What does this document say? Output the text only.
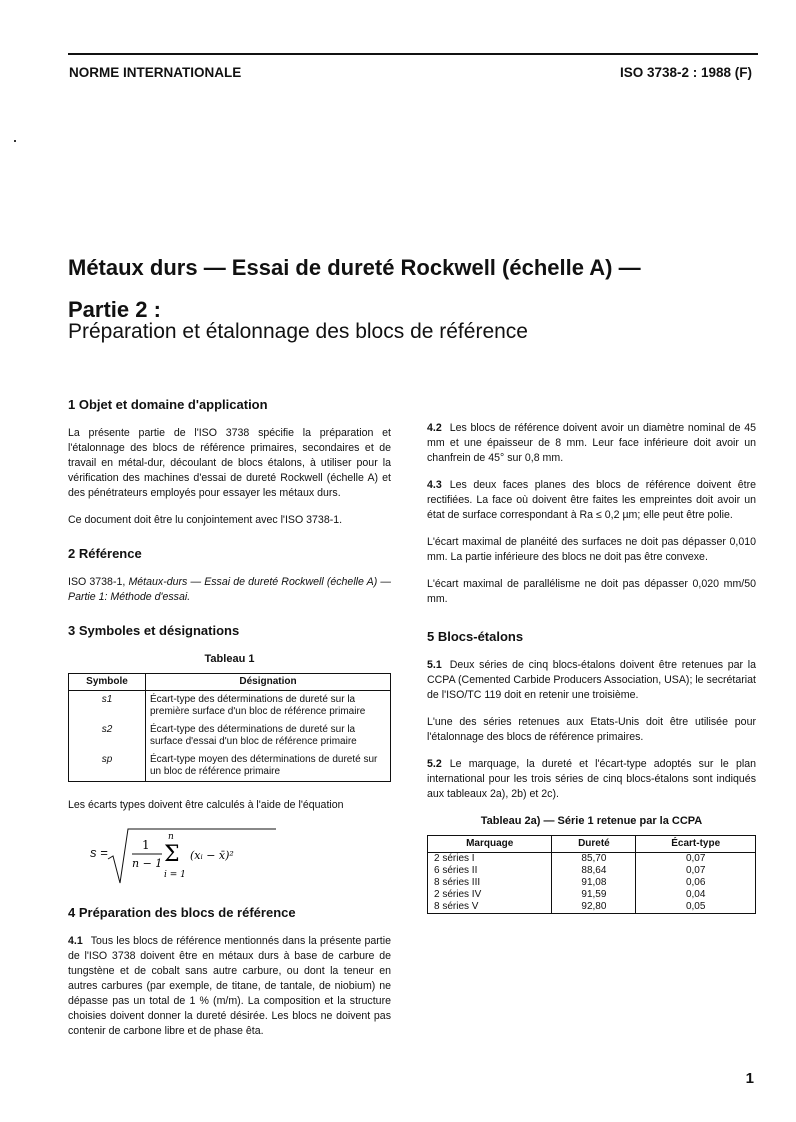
NORME INTERNATIONALE	ISO 3738-2 : 1988 (F)
Métaux durs — Essai de dureté Rockwell (échelle A) —
Partie 2 :
Préparation et étalonnage des blocs de référence
1 Objet et domaine d'application

La présente partie de l'ISO 3738 spécifie la préparation et l'étalonnage des blocs de référence primaires, secondaires et de travail en métal-dur, découlant de blocs étalons, à utiliser pour la vérification des machines d'essai de dureté Rockwell (échelle A) et des pénétrateurs employés pour essayer les métaux durs.

Ce document doit être lu conjointement avec l'ISO 3738-1.

2 Référence

ISO 3738-1, Métaux-durs — Essai de dureté Rockwell (échelle A) — Partie 1: Méthode d'essai.

3 Symboles et désignations
Tableau 1
Symbole	Désignation
s1	Écart-type des déterminations de dureté sur la première surface d'un bloc de référence primaire
s2	Écart-type des déterminations de dureté sur la surface d'essai d'un bloc de référence primaire
sp	Écart-type moyen des déterminations de dureté sur un bloc de référence primaire

Les écarts types doivent être calculés à l'aide de l'équation

s =	1
n − 1
n
Σ
i = 1
(xᵢ − x̄)²
4 Préparation des blocs de référence

4.1 Tous les blocs de référence mentionnés dans la présente partie de l'ISO 3738 doivent être en métaux durs à base de carbure de tungstène et de cobalt sans autre carbure, ou dont la teneur en autres carbures (par exemple, de titane, de tantale, de niobium) ne dépasse pas un total de 1 % (m/m). La composition et la structure choisies doivent donner la dureté désirée. Les blocs ne doivent pas contenir de carbone libre et de phase êta.

4.2 Les blocs de référence doivent avoir un diamètre nominal de 45 mm et une épaisseur de 8 mm. Leur face inférieure doit avoir un chanfrein de 45° sur 0,8 mm.

4.3 Les deux faces planes des blocs de référence doivent être rectifiées. La face où doivent être faites les empreintes doit avoir un état de surface correspondant à Ra ≤ 0,2 µm; elle peut être polie.

L'écart maximal de planéité des surfaces ne doit pas dépasser 0,010 mm. La partie inférieure des blocs ne doit pas être convexe.

L'écart maximal de parallélisme ne doit pas dépasser 0,020 mm/50 mm.

5 Blocs-étalons

5.1 Deux séries de cinq blocs-étalons doivent être retenues par la CCPA (Cemented Carbide Producers Association, USA); le secrétariat de l'ISO/TC 119 doit en retenir une troisième.

L'une des séries retenues aux Etats-Unis doit être utilisée pour l'étalonnage des blocs de référence primaires.

5.2 Le marquage, la dureté et l'écart-type adoptés sur le plan international pour les trois séries de cinq blocs-étalons sont indiqués aux tableaux 2a), 2b) et 2c).

Tableau 2a) — Série 1 retenue par la CCPA
Marquage	Dureté	Écart-type
2 séries I	85,70	0,07
6 séries II	88,64	0,07
8 séries III	91,08	0,06
2 séries IV	91,59	0,04
8 séries V	92,80	0,05
1
